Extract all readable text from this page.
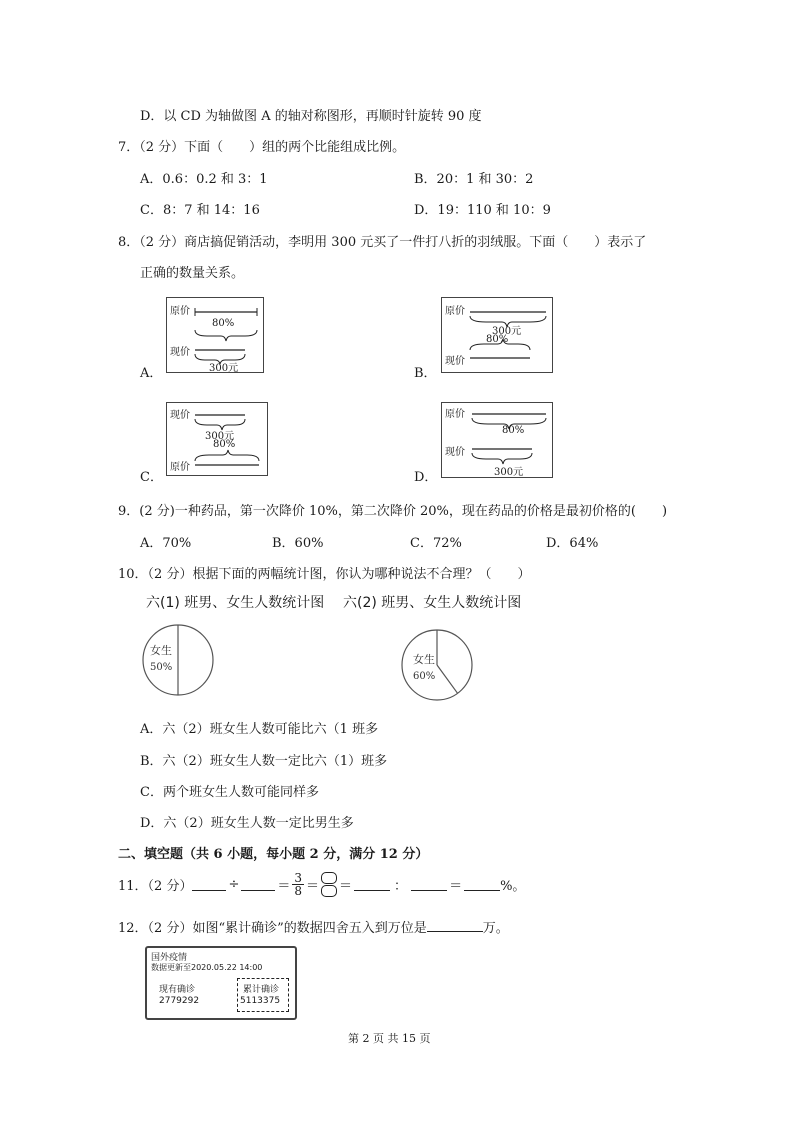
D．以 CD 为轴做图 A 的轴对称图形，再顺时针旋转 90 度
7．（2 分）下面（　　）组的两个比能组成比例。
A．0.6：0.2 和 3：1	B．20：1 和 30：2
C．8：7 和 14：16	D．19：110 和 10：9
8．（2 分）商店搞促销活动，李明用 300 元买了一件打八折的羽绒服。下面（　　）表示了
正确的数量关系。
A．
原价
80%
现价
300元	B．
原价
300元
80%
现价
C．
现价
300元
80%
原价
D．
原价
80%
现价
300元
9．(2 分)一种药品，第一次降价 10%，第二次降价 20%，现在药品的价格是最初价格的(　　)
A．70%	B．60%	C．72%	D．64%
10．（2 分）根据下面的两幅统计图，你认为哪种说法不合理？（　　）
六(1) 班男、女生人数统计图 六(2) 班男、女生人数统计图
女生
50%
女生
60%
A．六（2）班女生人数可能比六（1 班多
B．六（2）班女生人数一定比六（1）班多
C．两个班女生人数可能同样多
D．六（2）班女生人数一定比男生多
二、填空题（共 6 小题，每小题 2 分，满分 12 分）
11．（2 分）	÷	＝ $\frac{3}{8}$ ＝ ＝	：	＝	%。
12．（2 分）如图“累计确诊”的数据四舍五入到万位是	万。
国外疫情
数据更新至2020.05.22 14:00
现有确诊
2779292
累计确诊
5113375
第 2 页 共 15 页
